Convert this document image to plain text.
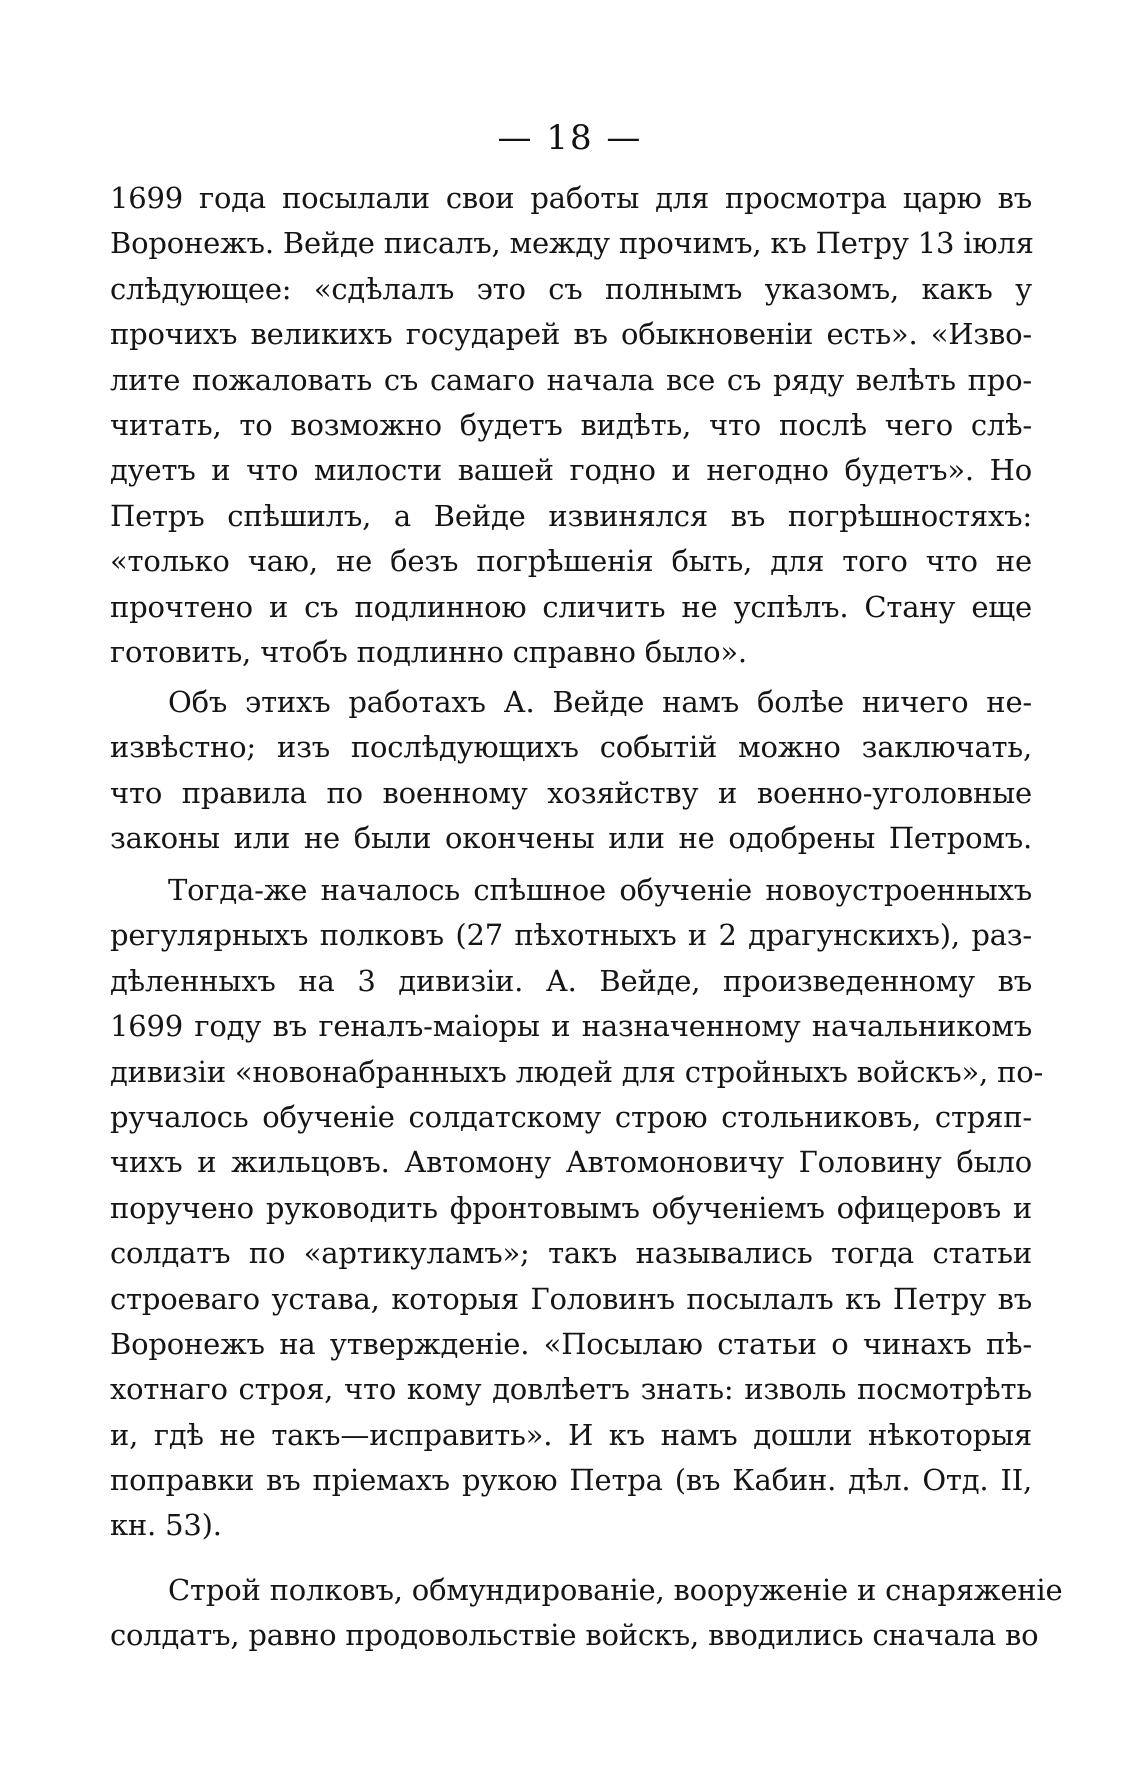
— 18 —
1699 года посылали свои работы для просмотра царю въ
Воронежъ. Вейде писалъ, между прочимъ, къ Петру 13 іюля
слѣдующее: «сдѣлалъ это съ полнымъ указомъ, какъ у
прочихъ великихъ государей въ обыкновеніи есть». «Изво-
лите пожаловать съ самаго начала все съ ряду велѣть про-
читать, то возможно будетъ видѣть, что послѣ чего слѣ-
дуетъ и что милости вашей годно и негодно будетъ». Но
Петръ спѣшилъ, а Вейде извинялся въ погрѣшностяхъ:
«только чаю, не безъ погрѣшенія быть, для того что не
прочтено и съ подлинною сличить не успѣлъ. Стану еще
готовить, чтобъ подлинно справно было».
Объ этихъ работахъ А. Вейде намъ болѣе ничего не-
извѣстно; изъ послѣдующихъ событій можно заключать,
что правила по военному хозяйству и военно-уголовные
законы или не были окончены или не одобрены Петромъ.
Тогда-же началось спѣшное обученіе новоустроенныхъ
регулярныхъ полковъ (27 пѣхотныхъ и 2 драгунскихъ), раз-
дѣленныхъ на 3 дивизіи. А. Вейде, произведенному въ
1699 году въ геналъ-маіоры и назначенному начальникомъ
дивизіи «новонабранныхъ людей для стройныхъ войскъ», по-
ручалось обученіе солдатскому строю стольниковъ, стряп-
чихъ и жильцовъ. Автомону Автомоновичу Головину было
поручено руководить фронтовымъ обученіемъ офицеровъ и
солдатъ по «артикуламъ»; такъ назывались тогда статьи
строеваго устава, которыя Головинъ посылалъ къ Петру въ
Воронежъ на утвержденіе. «Посылаю статьи о чинахъ пѣ-
хотнаго строя, что кому довлѣетъ знать: изволь посмотрѣть
и, гдѣ не такъ—исправить». И къ намъ дошли нѣкоторыя
поправки въ пріемахъ рукою Петра (въ Кабин. дѣл. Отд. II,
кн. 53).
Строй полковъ, обмундированіе, вооруженіе и снаряженіе
солдатъ, равно продовольствіе войскъ, вводились сначала во
